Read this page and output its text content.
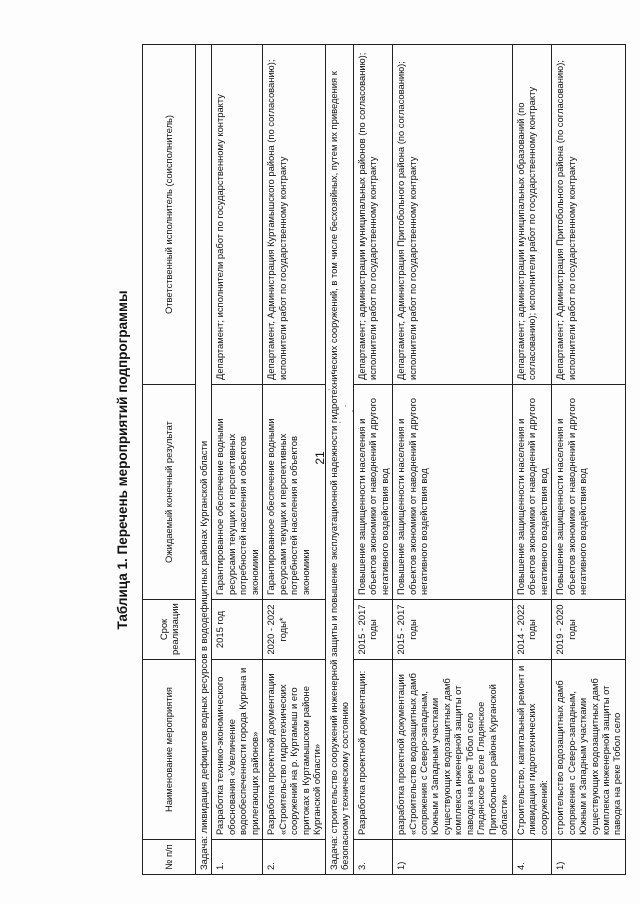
21
Таблица 1. Перечень мероприятий подпрограммы
№ п/п	Наименование мероприятия	Срок реализации	Ожидаемый конечный результат	Ответственный исполнитель (соисполнитель)
Задача: ликвидация дефицитов водных ресурсов в вододефицитных районах Курганской области				
1.	Разработка технико-экономического обоснования «Увеличение водообеспеченности города Кургана и прилегающих районов»	2015 год	Гарантированное обеспечение водными ресурсами текущих и перспективных потребностей населения и объектов экономики	Департамент; исполнители работ по государственному контракту
2.	Разработка проектной документации «Строительство гидротехнических сооружений на р. Куртамыш и его притоках в Куртамышском районе Курганской области»	2020 - 2022 годы*	Гарантированное обеспечение водными ресурсами текущих и перспективных потребностей населения и объектов экономики	Департамент, Администрация Куртамышского района (по согласованию); исполнители работ по государственному контракту
Задача: строительство сооружений инженерной защиты и повышение эксплуатационной надежности гидротехнических сооружений, в том числе бесхозяйных, путем их приведения к безопасному техническому состоянию				
3.	Разработка проектной документации:	2015 - 2017 годы	Повышение защищенности населения и объектов экономики от наводнений и другого негативного воздействия вод	Департамент; администрации муниципальных районов (по согласованию); исполнители работ по государственному контракту
1)	разработка проектной документации «Строительство водозащитных дамб сопряжения с Северо-западным, Южным и Западным участками существующих водозащитных дамб комплекса инженерной защиты от паводка на реке Тобол село Глядянское в селе Глядянское Притобольного района Курганской области»	2015 - 2017 годы	Повышение защищенности населения и объектов экономики от наводнений и другого негативного воздействия вод	Департамент, Администрация Притобольного района (по согласованию); исполнители работ по государственному контракту
4.	Строительство, капитальный ремонт и ликвидация гидротехнических сооружений:	2014 - 2022 годы	Повышение защищенности населения и объектов экономики от наводнений и другого негативного воздействия вод	Департамент; администрации муниципальных образований (по согласованию); исполнители работ по государственному контракту
1)	строительство водозащитных дамб сопряжения с Северо-западным, Южным и Западным участками существующих водозащитных дамб комплекса инженерной защиты от паводка на реке Тобол село	2019 - 2020 годы	Повышение защищенности населения и объектов экономики от наводнений и другого негативного воздействия вод	Департамент; Администрация Притобольного района (по согласованию); исполнители работ по государственному контракту
